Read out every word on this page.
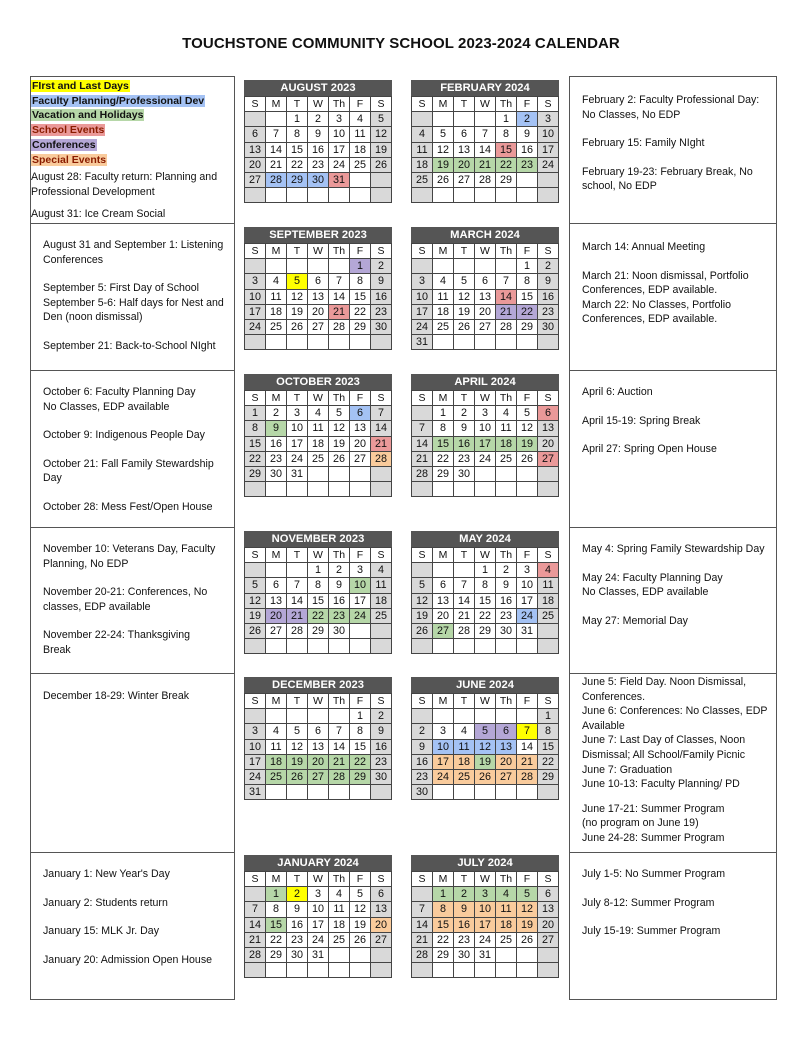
TOUCHSTONE COMMUNITY SCHOOL 2023-2024 CALENDAR
FIrst and Last Days
Faculty Planning/Professional Dev
Vacation and Holidays
School Events
Conferences
Special Events

August 28: Faculty return: Planning and Professional Development

August 31: Ice Cream Social

August 31 and September 1: Listening Conferences

September 5: First Day of School

September 5-6: Half days for Nest and Den (noon dismissal)

September 21: Back-to-School NIght

October 6: Faculty Planning Day

No Classes, EDP available

October 9: Indigenous People Day

October 21: Fall Family Stewardship Day

October 28: Mess Fest/Open House

November 10: Veterans Day, Faculty Planning, No EDP

November 20-21: Conferences, No classes, EDP available

November 22-24: Thanksgiving Break

December 18-29: Winter Break

January 1: New Year's Day

January 2: Students return

January 15: MLK Jr. Day

January 20: Admission Open House

February 2: Faculty Professional Day: No Classes, No EDP

February 15: Family NIght

February 19-23: February Break, No school, No EDP

March 14: Annual Meeting

March 21: Noon dismissal, Portfolio Conferences, EDP available.

March 22: No Classes, Portfolio Conferences, EDP available.

April 6: Auction

April 15-19: Spring Break

April 27: Spring Open House

May 4: Spring Family Stewardship Day

May 24: Faculty Planning Day

No Classes, EDP available

May 27: Memorial Day

June 5: Field Day. Noon Dismissal, Conferences.

June 6: Conferences: No Classes, EDP Available

June 7: Last Day of Classes, Noon Dismissal; All School/Family Picnic

June 7: Graduation

June 10-13: Faculty Planning/ PD

June 17-21: Summer Program

(no program on June 19)

June 24-28: Summer Program

July 1-5: No Summer Program

July 8-12: Summer Program

July 15-19: Summer Program

AUGUST 2023
S	M	T	W	Th	F	S
		1	2	3	4	5
6	7	8	9	10	11	12
13	14	15	16	17	18	19
20	21	22	23	24	25	26
27	28	29	30	31		

FEBRUARY 2024
S	M	T	W	Th	F	S
				1	2	3
4	5	6	7	8	9	10
11	12	13	14	15	16	17
18	19	20	21	22	23	24
25	26	27	28	29		

SEPTEMBER 2023
S	M	T	W	Th	F	S
					1	2
3	4	5	6	7	8	9
10	11	12	13	14	15	16
17	18	19	20	21	22	23
24	25	26	27	28	29	30

MARCH 2024
S	M	T	W	Th	F	S
					1	2
3	4	5	6	7	8	9
10	11	12	13	14	15	16
17	18	19	20	21	22	23
24	25	26	27	28	29	30
31						
OCTOBER 2023
S	M	T	W	Th	F	S
1	2	3	4	5	6	7
8	9	10	11	12	13	14
15	16	17	18	19	20	21
22	23	24	25	26	27	28
29	30	31				

APRIL 2024
S	M	T	W	Th	F	S
	1	2	3	4	5	6
7	8	9	10	11	12	13
14	15	16	17	18	19	20
21	22	23	24	25	26	27
28	29	30				

NOVEMBER 2023
S	M	T	W	Th	F	S
			1	2	3	4
5	6	7	8	9	10	11
12	13	14	15	16	17	18
19	20	21	22	23	24	25
26	27	28	29	30		

MAY 2024
S	M	T	W	Th	F	S
			1	2	3	4
5	6	7	8	9	10	11
12	13	14	15	16	17	18
19	20	21	22	23	24	25
26	27	28	29	30	31	

DECEMBER 2023
S	M	T	W	Th	F	S
					1	2
3	4	5	6	7	8	9
10	11	12	13	14	15	16
17	18	19	20	21	22	23
24	25	26	27	28	29	30
31						
JUNE 2024
S	M	T	W	Th	F	S
						1
2	3	4	5	6	7	8
9	10	11	12	13	14	15
16	17	18	19	20	21	22
23	24	25	26	27	28	29
30						
JANUARY 2024
S	M	T	W	Th	F	S
	1	2	3	4	5	6
7	8	9	10	11	12	13
14	15	16	17	18	19	20
21	22	23	24	25	26	27
28	29	30	31			

JULY 2024
S	M	T	W	Th	F	S
	1	2	3	4	5	6
7	8	9	10	11	12	13
14	15	16	17	18	19	20
21	22	23	24	25	26	27
28	29	30	31			
